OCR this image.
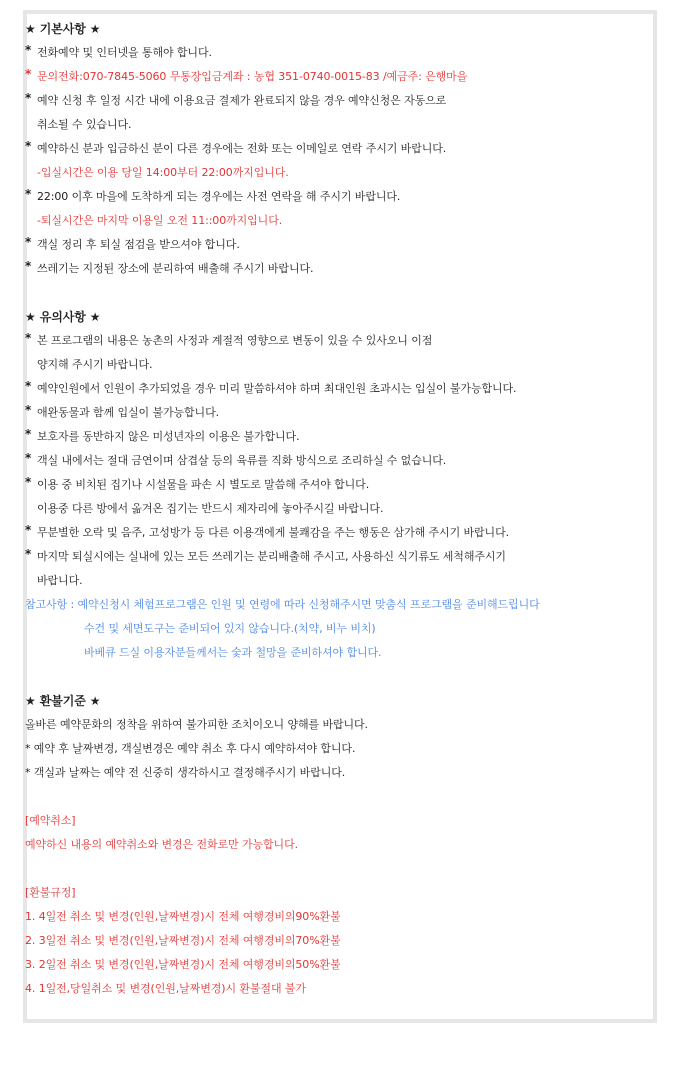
★ 기본사항 ★
* 전화예약 및 인터넷을 통해야 합니다.
* 문의전화:070-7845-5060 무통장입금계좌 : 농협 351-0740-0015-83 /예금주: 은행마을
* 예약 신청 후 일정 시간 내에 이용요금 결제가 완료되지 않을 경우 예약신청은 자동으로
취소될 수 있습니다.
* 예약하신 분과 입금하신 분이 다른 경우에는 전화 또는 이메일로 연락 주시기 바랍니다.
-입실시간은 이용 당일 14:00부터 22:00까지입니다.
* 22:00 이후 마을에 도착하게 되는 경우에는 사전 연락을 해 주시기 바랍니다.
-퇴실시간은 마지막 이용일 오전 11::00까지입니다.
* 객실 정리 후 퇴실 점검을 받으셔야 합니다.
* 쓰레기는 지정된 장소에 분리하여 배출해 주시기 바랍니다.
★ 유의사항 ★
* 본 프로그램의 내용은 농촌의 사정과 계절적 영향으로 변동이 있을 수 있사오니 이점
양지해 주시기 바랍니다.
* 예약인원에서 인원이 추가되었을 경우 미리 말씀하셔야 하며 최대인원 초과시는 입실이 불가능합니다.
* 애완동물과 함께 입실이 불가능합니다.
* 보호자를 동반하지 않은 미성년자의 이용은 불가합니다.
* 객실 내에서는 절대 금연이며 삼겹살 등의 육류를 직화 방식으로 조리하실 수 없습니다.
* 이용 중 비치된 집기나 시설물을 파손 시 별도로 말씀해 주셔야 합니다.
이용중 다른 방에서 옮겨온 집기는 반드시 제자리에 놓아주시길 바랍니다.
* 무분별한 오락 및 음주, 고성방가 등 다른 이용객에게 불쾌감을 주는 행동은 삼가해 주시기 바랍니다.
* 마지막 퇴실시에는 실내에 있는 모든 쓰레기는 분리배출해 주시고, 사용하신 식기류도 세척해주시기
바랍니다.
참고사항 : 예약신청시 체험프로그램은 인원 및 연령에 따라 신청해주시면 맞춤식 프로그램을 준비해드립니다
수건 및 세면도구는 준비되어 있지 않습니다.(치약, 비누 비치)
바베큐 드실 이용자분들께서는 숯과 철망을 준비하셔야 합니다.
★ 환불기준 ★
올바른 예약문화의 정착을 위하여 불가피한 조치이오니 양해를 바랍니다.
* 예약 후 날짜변경, 객실변경은 예약 취소 후 다시 예약하셔야 합니다.
* 객실과 날짜는 예약 전 신중히 생각하시고 결정해주시기 바랍니다.
[예약취소]
예약하신 내용의 예약취소와 변경은 전화로만 가능합니다.
[환불규정]
1. 4일전 취소 및 변경(인원,날짜변경)시 전체 여행경비의90%환불
2. 3일전 취소 및 변경(인원,날짜변경)시 전체 여행경비의70%환불
3. 2일전 취소 및 변경(인원,날짜변경)시 전체 여행경비의50%환불
4. 1일전,당일취소 및 변경(인원,날짜변경)시 환불절대 불가
